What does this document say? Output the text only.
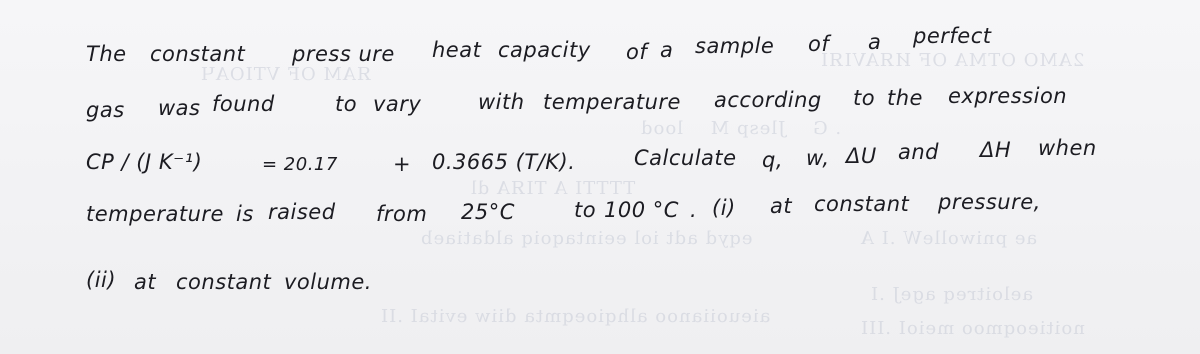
ЯAM OF VTIOAЧ
2AMO OTMA OF ИЯAVIЯI
. G    Jlesp M    lood
TTTTI A TIЯA dl
eqyd adt iol eeintaqoiq aldatiaeb	ae pniwolleW .I A
aieuoiianoo alhqioeqmta diiw evitaI .II
aeloitreq ageJ .I
noitieoqmoo meioI .III
The constant press ure heat capacity of a sample of a perfect
gas was found	to vary	with temperature according to the expression
CP / (J K⁻¹)	= 20.17	+ 0.3665 (T/K).	Calculate q, w, ΔU and ΔH when
temperature is raised from 25°C	to 100 °C . (i) at constant pressure,
(ii) at constant volume.
